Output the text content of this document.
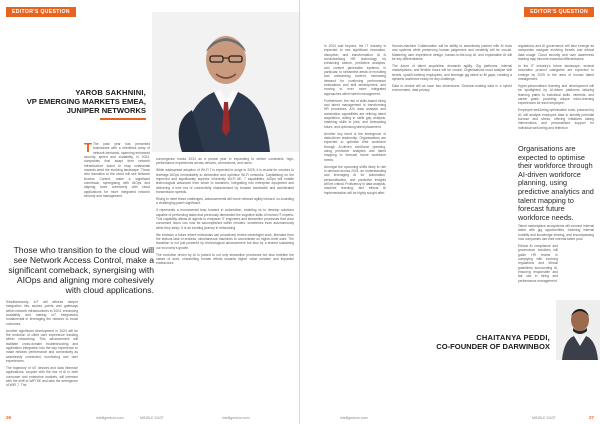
EDITOR'S QUESTION
YAROB SAKHNINI,
VP EMERGING MARKETS EMEA,
JUNIPER NETWORKS
Those who transition to the cloud will see Network Access Control, make a significant comeback, synergising with AIOps and aligning more cohesively with cloud applications.

Simultaneously, IoT will witness deeper integration into access points and gateways within network infrastructures in 2024, enhancing scalability and making IoT integrations fundamental in leveraging the network to boost outcomes.

Another significant development in 2024 will be the evolution of client user experience tracking within networking. This advancement will facilitate cross-domain troubleshooting and application integration into the day experience to make network performance and connectivity as seamlessly connected, monitoring and user experiences.

The trajectory of IoT devices and data intensive applications, coupled with the rise of AI in both consumer and enterprise markets, will intersect with the shift to WiFi 6E and take the emergence of WiFi 7. The

T The past year has presented businesses with a relentless array of network demands, spanning enhanced security, speed and scalability. In 2024, companies that adapt their network infrastructure stand to reap substantial rewards amid the evolving landscape. Those who transition to the cloud will see Network Access Control, make a significant comeback, synergising with AIOps and aligning more cohesively with cloud applications for more integrated network security and management.

convergence marks 2024 as a pivotal year in expanding to deliver consistent, high-performance experiences across devices, connections, and users.

While widespread adoption of Wi-Fi 7 is expected to surge in 2025, it is crucial for vendors to leverage AIOps immediately to streamline and optimise Wi-Fi networks. Capitalising on the improved and significantly superior inherently Wi-Fi 6E, 7 capabilities, AIOps will enable technological advances from which to transform, integrating into enterprise equipment and delivering a new era of connectivity characterised by broader bandwidth and accelerated transmission speeds.

Rising to meet these challenges, advancements will move network agility forward, on-boarding a challenging patch significant.

It represents a monumental leap forward in automation, enabling us to develop solutions capable of performing tasks that previously demanded the cognitive skills of human IT experts. This capability allows AI agents to empower IT engineers and streamline processes that once consumed hours can now be accomplished within minutes, sometimes even autonomously while they sleep. It is an exciting journey in networking.

We envision a future where individuals can proactively review meaningful work, liberated from the tedious task of endless, simultaneous machines to concentrate on higher-level work. The transition is not just powered by technological advancement but also by a shared sustaining our economy's growth.

The evolution driven by AI is poised to not only streamline processes but also redefine the nature of work, channelling human efforts towards higher value creation and impactful endeavours.

26	intelligentcio.com	MIDDLE EAST	intelligentcio.com
EDITOR'S QUESTION

In 2024 and beyond, the IT industry is expected to see significant innovation, disruption, and transformation. AI is revolutionising HR technology by enhancing search, predictive analytics, and content generation systems, in particular, to streamline areas of recruiting and onboarding content, increasing demand for continuing performance evaluations and skill development, and moving to ever more integrated approaches within talent management.

Furthermore, the rise of skills-based hiring and talent management is transforming HR processes. AI's data analysis and automation capabilities are refining talent acquisition, aiding in skills gap analysis, matching skills to jobs, and forecasting future, and optimising talent placement.

Another key trend is the emergence of data-driven leadership. Organisations are expected to optimise their workforce through AI-driven workforce planning, using predictive analytics and talent mapping to forecast future workforce needs.

Amongst the upcoming shifts likely to rise in demand across 2024, an understanding and leveraging AI for automation, personalisation, and predictive insights will be critical. Proficiency in data analysis, machine learning, and ethical AI implementation will be highly sought after.

Human-machine Collaboration will be ability to seamlessly partner with AI tools and systems while preserving human judgement and creativity will be crucial. Mastering user experience design, human-in-the-loop AI, and explainable AI will be key differentiators.

The future of talent acquisition demands agility. Gig platforms, internal marketplaces, and flexible hours will be crucial. Organisations must analyse skill trends, upskill existing employees, and leverage gig talent to fill gaps, creating a dynamic workforce ready for any challenge.

Data is central will as soon two dimensions. Decision-making data in a hybrid environment, data privacy

regulations and AI governance will also emerge as companies navigate evolving threats and ethical data usage. Cloud security and user awareness training may become essential differentiators.

In the IT industry's future landscape, several innovative product categories are expected to emerge by 2025 in the area of human talent management.

Hyper-personalised learning and development will be spotlighted by AI-driven platforms tailoring learning paths to individual skills, interests, and career goals, providing unique micro-learning experiences for each employee.

Employee well-being optimisation tools, powered by AI, will analyse employee data to identify potential burnout and stress, offering initiatives taking interventions and personalised support for individual well-being and retention.

Organisations are expected to optimise their workforce through AI-driven workforce planning, using predictive analytics and talent mapping to forecast future workforce needs.

Talent marketplace ecosystems will connect internal talent with gig opportunities, fostering internal mobility and knowledge sharing, and encompassing how companies use their internal talent pool.

Ethical AI compliance and governance solutions will guide HR teams in complying with evolving regulations and ethical guidelines surrounding AI, ensuring responsible and fair use in hiring and performance management.

CHAITANYA PEDDI,
CO-FOUNDER OF DARWINBOX
intelligentcio.com	MIDDLE EAST	27
